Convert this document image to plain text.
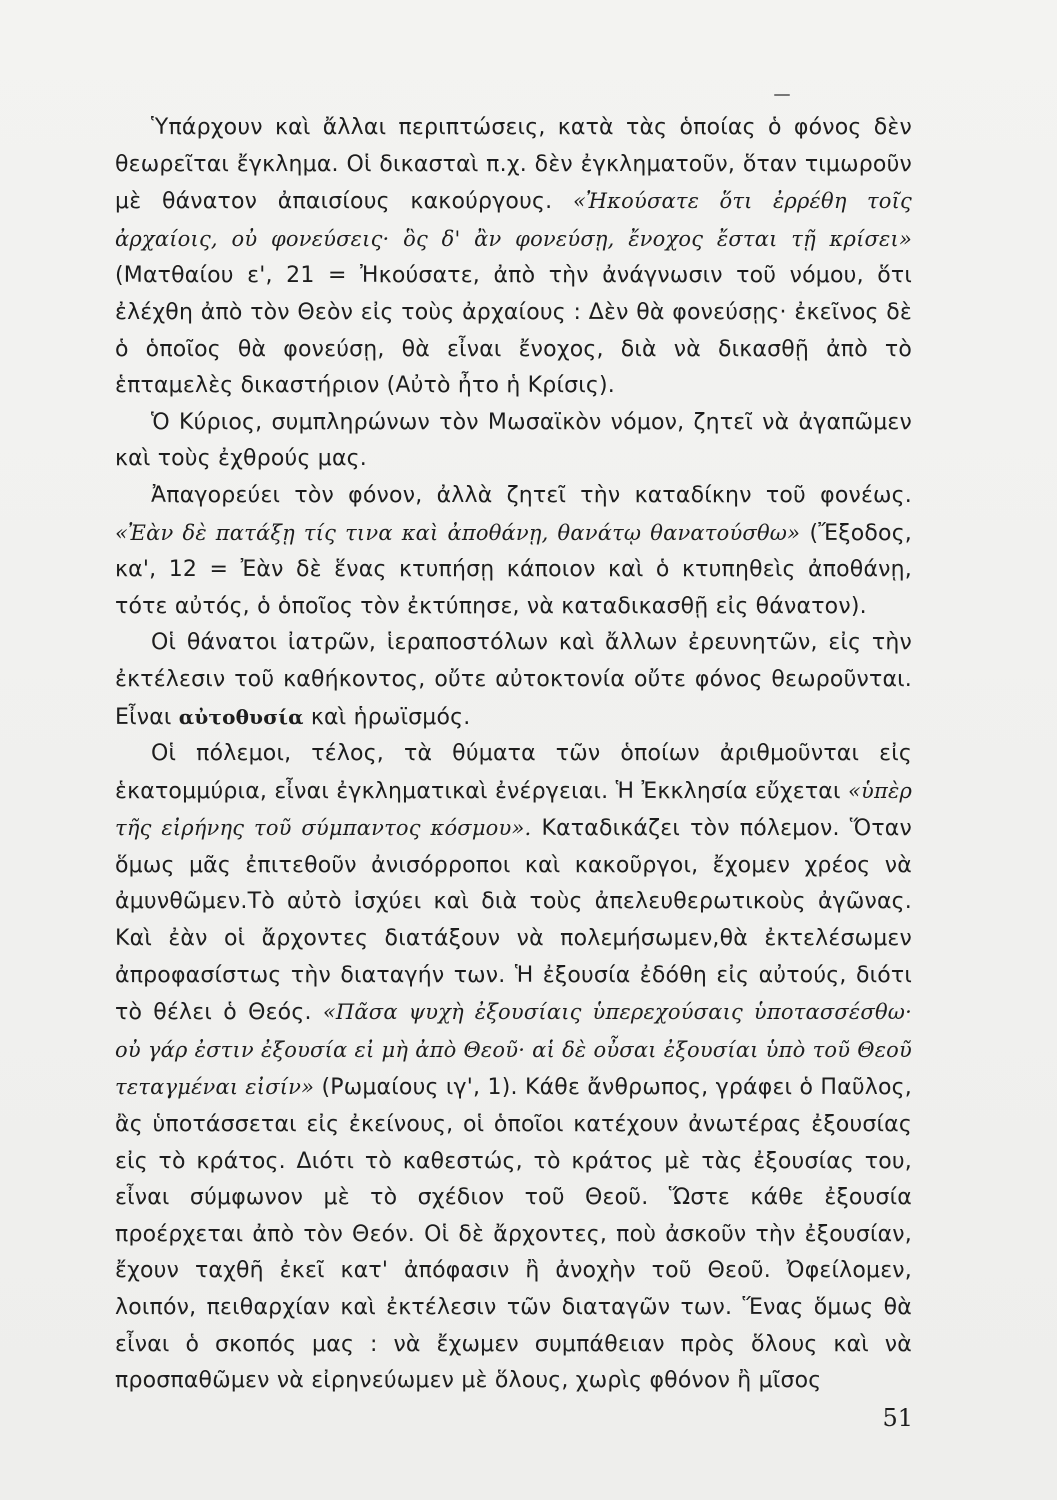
Ὑπάρχουν καὶ ἄλλαι περιπτώσεις, κατὰ τὰς ὁποίας ὁ φόνος δὲν θεωρεῖται ἔγκλημα. Οἱ δικασταὶ π.χ. δὲν ἐγκληματοῦν, ὅταν τιμωροῦν μὲ θάνατον ἀπαισίους κακούργους. «Ἠκούσατε ὅτι ἐρρέθη τοῖς ἀρχαίοις, οὐ φονεύσεις· ὃς δ' ἂν φονεύσῃ, ἔνοχος ἔσται τῇ κρίσει» (Ματθαίου ε', 21 = Ἠκούσατε, ἀπὸ τὴν ἀνάγνωσιν τοῦ νόμου, ὅτι ἐλέχθη ἀπὸ τὸν Θεὸν εἰς τοὺς ἀρχαίους : Δὲν θὰ φονεύσῃς· ἐκεῖνος δὲ ὁ ὁποῖος θὰ φονεύσῃ, θὰ εἶναι ἔνοχος, διὰ νὰ δικασθῇ ἀπὸ τὸ ἑπταμελὲς δικαστήριον (Αὐτὸ ἦτο ἡ Κρίσις).

Ὁ Κύριος, συμπληρώνων τὸν Μωσαϊκὸν νόμον, ζητεῖ νὰ ἀγαπῶμεν καὶ τοὺς ἐχθρούς μας.

Ἀπαγορεύει τὸν φόνον, ἀλλὰ ζητεῖ τὴν καταδίκην τοῦ φονέως. «Ἐὰν δὲ πατάξῃ τίς τινα καὶ ἀποθάνῃ, θανάτῳ θανατούσθω» (Ἔξοδος, κα', 12 = Ἐὰν δὲ ἕνας κτυπήσῃ κάποιον καὶ ὁ κτυπηθεὶς ἀποθάνῃ, τότε αὐτός, ὁ ὁποῖος τὸν ἐκτύπησε, νὰ καταδικασθῇ εἰς θάνατον).

Οἱ θάνατοι ἰατρῶν, ἱεραποστόλων καὶ ἄλλων ἐρευνητῶν, εἰς τὴν ἐκτέλεσιν τοῦ καθήκοντος, οὔτε αὐτοκτονία οὔτε φόνος θεωροῦνται. Εἶναι αὐτοθυσία καὶ ἡρωϊσμός.

Οἱ πόλεμοι, τέλος, τὰ θύματα τῶν ὁποίων ἀριθμοῦνται εἰς ἑκατομμύρια, εἶναι ἐγκληματικαὶ ἐνέργειαι. Ἡ Ἐκκλησία εὔχεται «ὑπὲρ τῆς εἰρήνης τοῦ σύμπαντος κόσμου». Καταδικάζει τὸν πόλεμον. Ὅταν ὅμως μᾶς ἐπιτεθοῦν ἀνισόρροποι καὶ κακοῦργοι, ἔχομεν χρέος νὰ ἀμυνθῶμεν.Τὸ αὐτὸ ἰσχύει καὶ διὰ τοὺς ἀπελευθερωτικοὺς ἀγῶνας. Καὶ ἐὰν οἱ ἄρχοντες διατάξουν νὰ πολεμήσωμεν,θὰ ἐκτελέσωμεν ἀπροφασίστως τὴν διαταγήν των. Ἡ ἐξουσία ἐδόθη εἰς αὐτούς, διότι τὸ θέλει ὁ Θεός. «Πᾶσα ψυχὴ ἐξουσίαις ὑπερεχούσαις ὑποτασσέσθω· οὐ γάρ ἐστιν ἐξουσία εἰ μὴ ἀπὸ Θεοῦ· αἱ δὲ οὖσαι ἐξουσίαι ὑπὸ τοῦ Θεοῦ τεταγμέναι εἰσίν» (Ρωμαίους ιγ', 1). Κάθε ἄνθρωπος, γράφει ὁ Παῦλος, ἂς ὑποτάσσεται εἰς ἐκείνους, οἱ ὁποῖοι κατέχουν ἀνωτέρας ἐξουσίας εἰς τὸ κράτος. Διότι τὸ καθεστώς, τὸ κράτος μὲ τὰς ἐξουσίας του, εἶναι σύμφωνον μὲ τὸ σχέδιον τοῦ Θεοῦ. Ὥστε κάθε ἐξουσία προέρχεται ἀπὸ τὸν Θεόν. Οἱ δὲ ἄρχοντες, ποὺ ἀσκοῦν τὴν ἐξουσίαν, ἔχουν ταχθῆ ἐκεῖ κατ' ἀπόφασιν ἢ ἀνοχὴν τοῦ Θεοῦ. Ὀφείλομεν, λοιπόν, πειθαρχίαν καὶ ἐκτέλεσιν τῶν διαταγῶν των. Ἕνας ὅμως θὰ εἶναι ὁ σκοπός μας : νὰ ἔχωμεν συμπάθειαν πρὸς ὅλους καὶ νὰ προσπαθῶμεν νὰ εἰρηνεύωμεν μὲ ὅλους, χωρὶς φθόνον ἢ μῖσος

51
